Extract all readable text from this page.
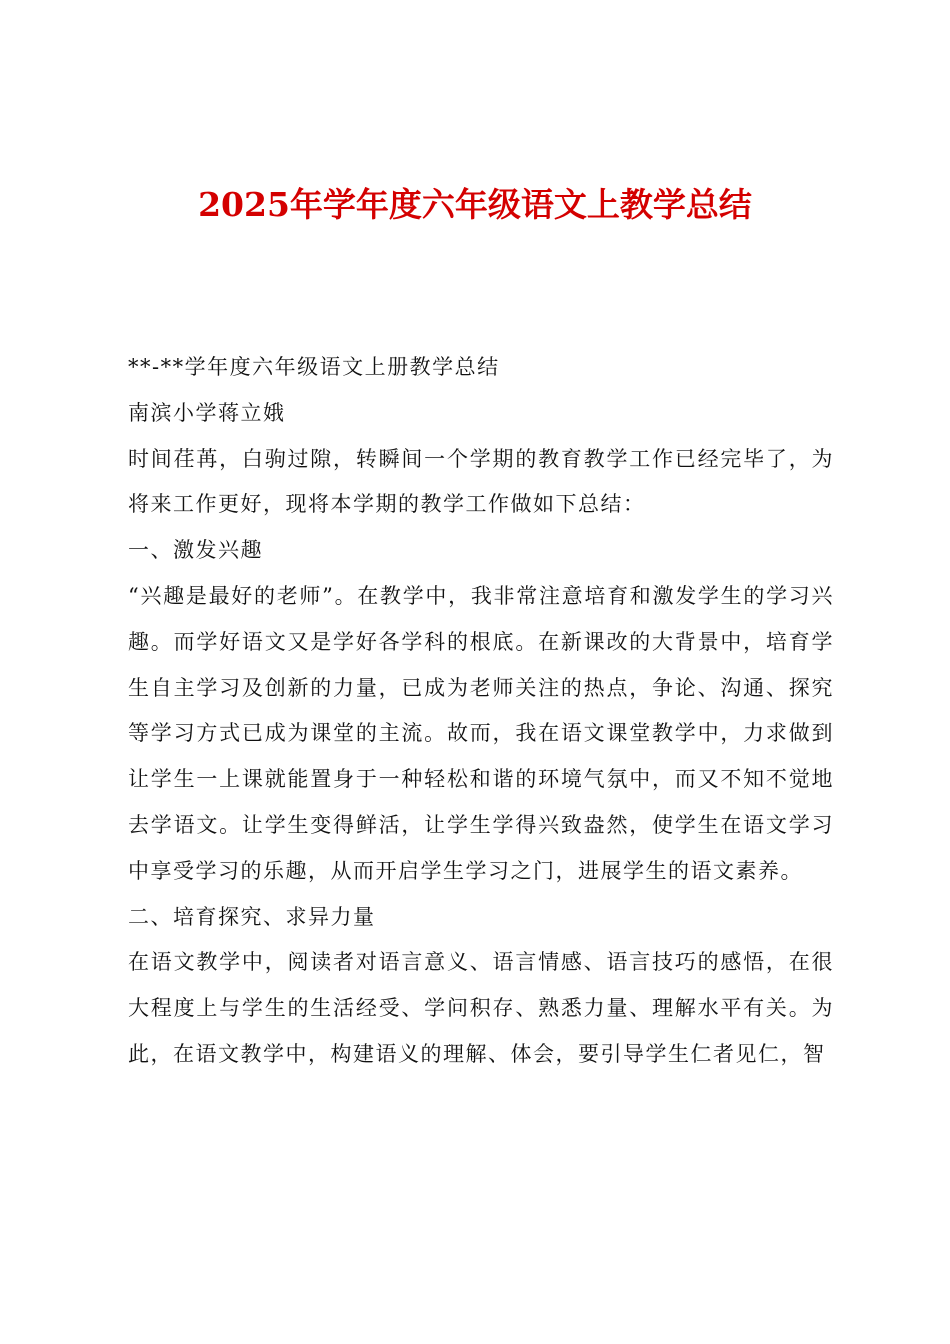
2025年学年度六年级语文上教学总结

**-**学年度六年级语文上册教学总结

南滨小学蒋立娥

时间荏苒，白驹过隙，转瞬间一个学期的教育教学工作已经完毕了，为将来工作更好，现将本学期的教学工作做如下总结：

一、激发兴趣

“兴趣是最好的老师”。在教学中，我非常注意培育和激发学生的学习兴趣。而学好语文又是学好各学科的根底。在新课改的大背景中，培育学生自主学习及创新的力量，已成为老师关注的热点，争论、沟通、探究等学习方式已成为课堂的主流。故而，我在语文课堂教学中，力求做到让学生一上课就能置身于一种轻松和谐的环境气氛中，而又不知不觉地去学语文。让学生变得鲜活，让学生学得兴致盎然，使学生在语文学习中享受学习的乐趣，从而开启学生学习之门，进展学生的语文素养。

二、培育探究、求异力量

在语文教学中，阅读者对语言意义、语言情感、语言技巧的感悟，在很大程度上与学生的生活经受、学问积存、熟悉力量、理解水平有关。为此，在语文教学中，构建语义的理解、体会，要引导学生仁者见仁，智
